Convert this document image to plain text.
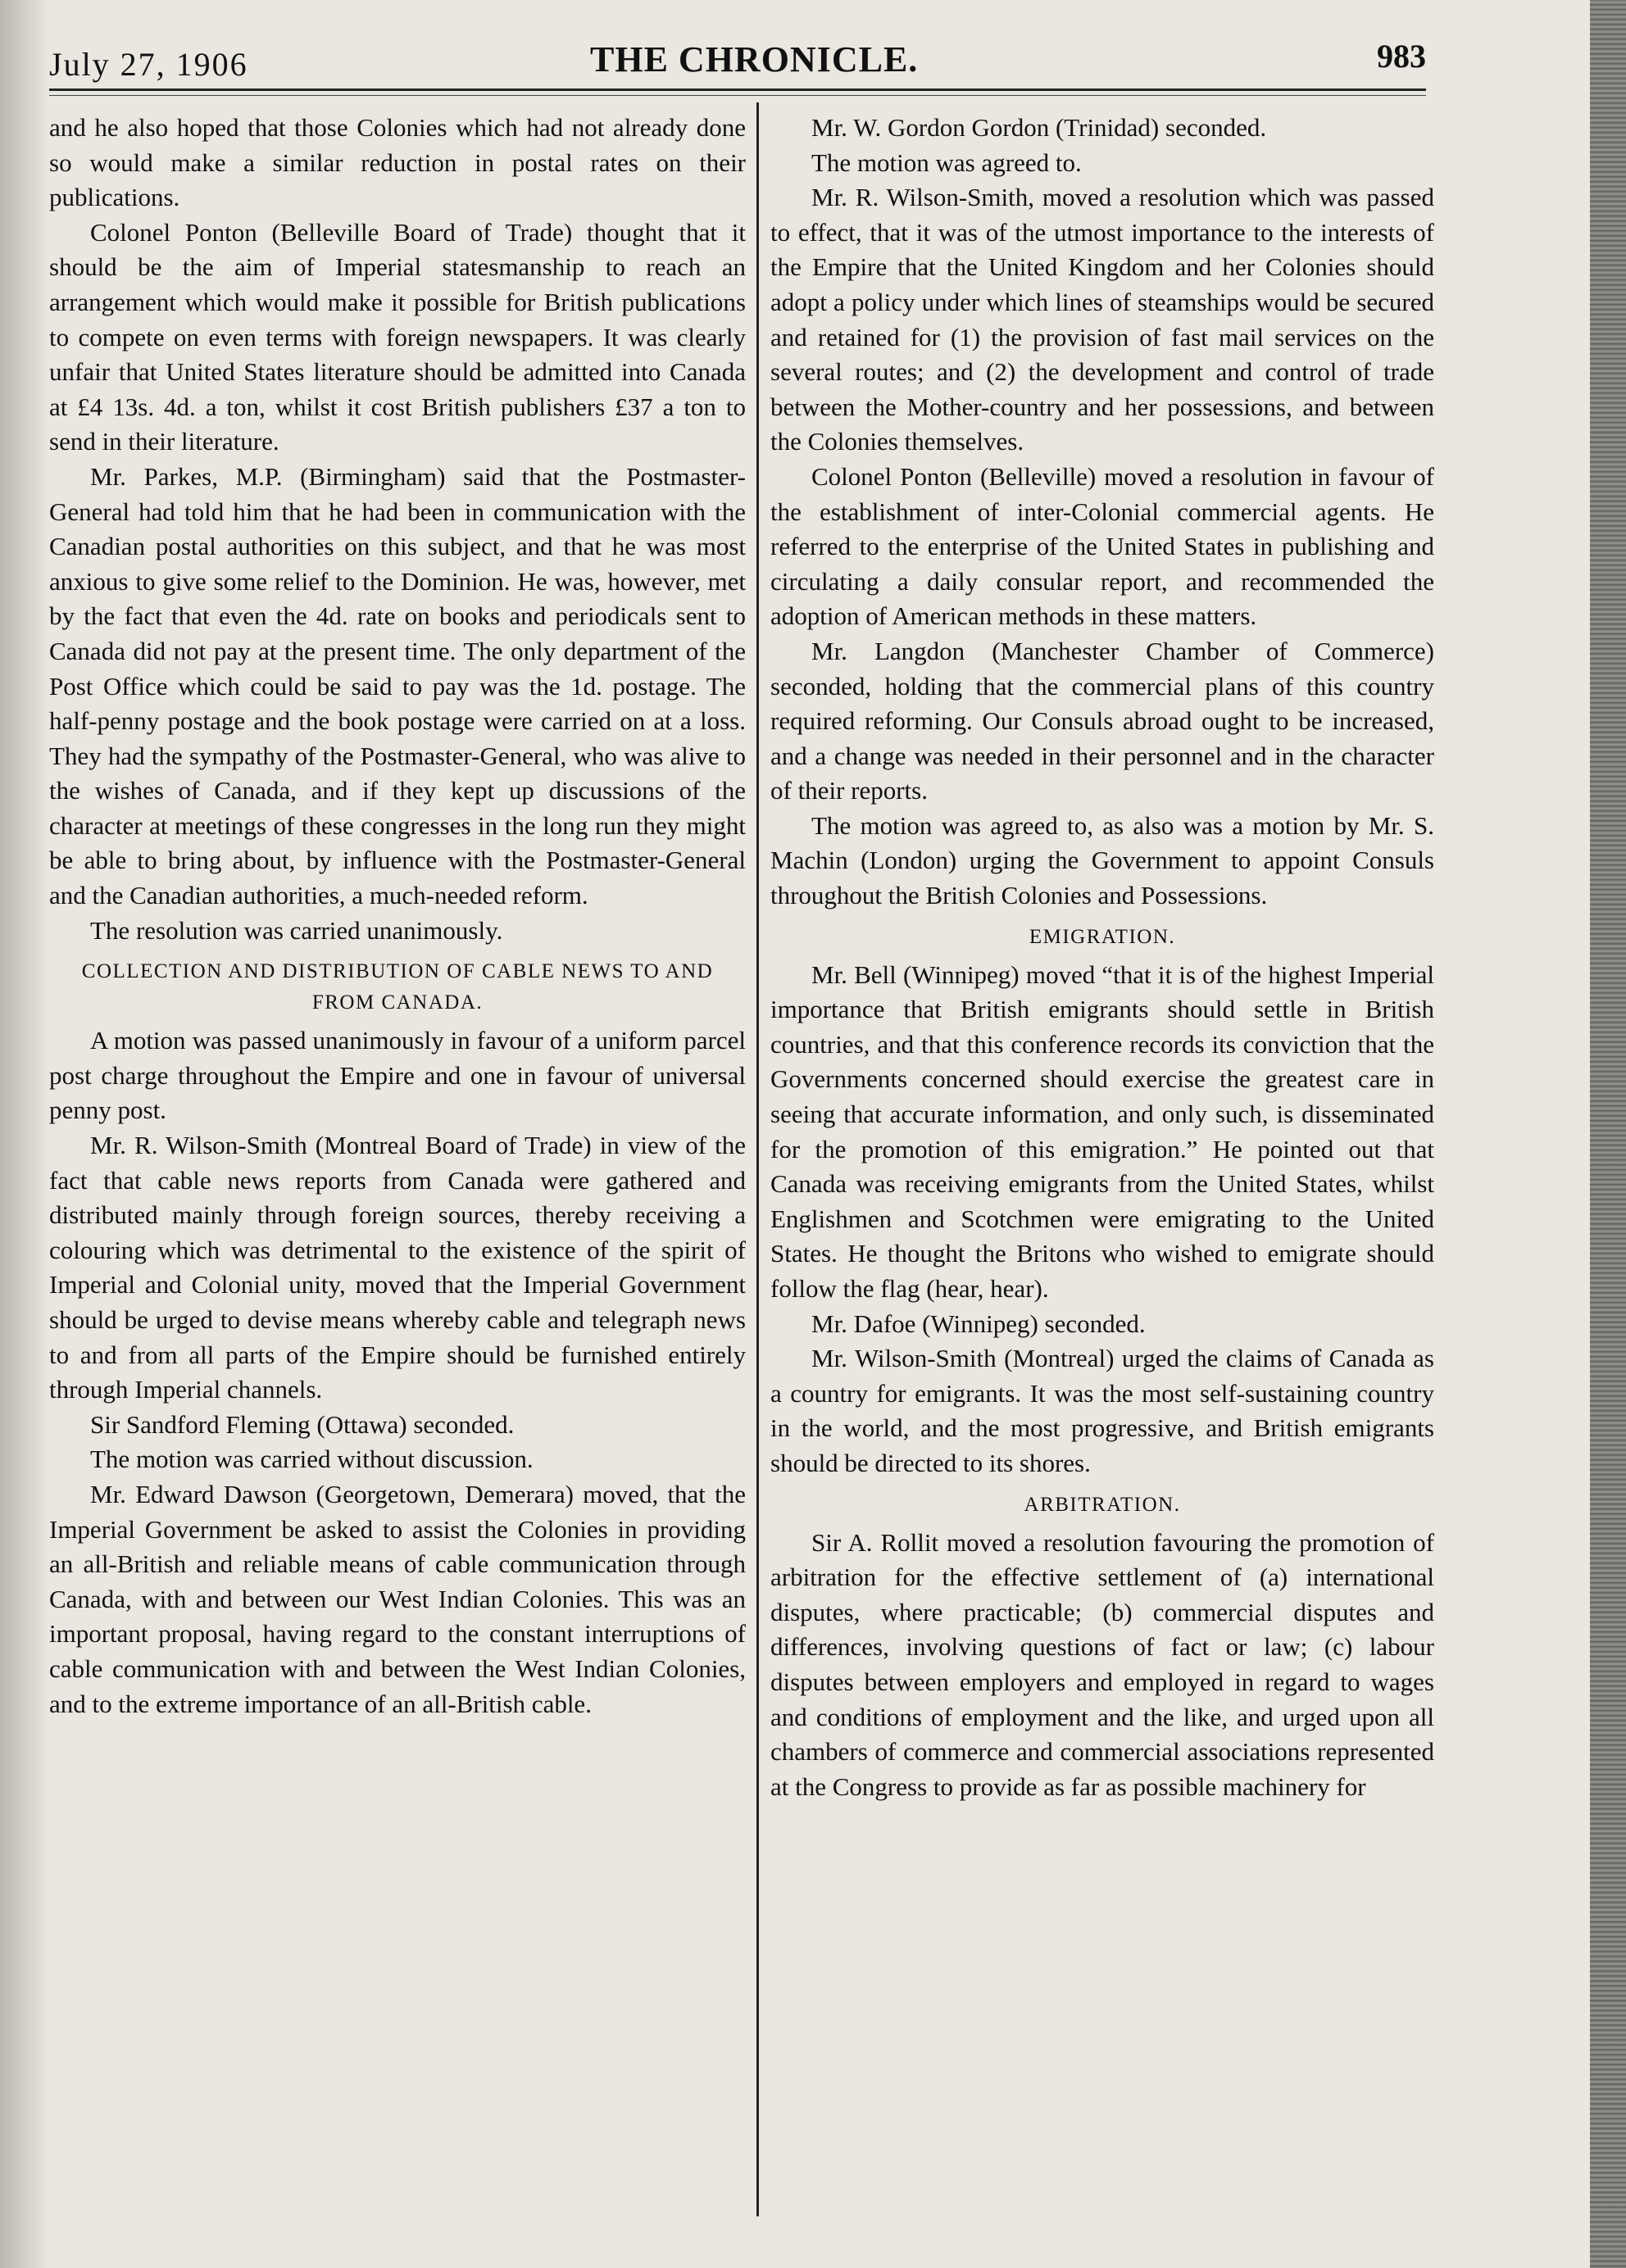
July 27, 1906	THE CHRONICLE.	983

and he also hoped that those Colonies which had not already done so would make a similar reduction in postal rates on their publications.

Colonel Ponton (Belleville Board of Trade) thought that it should be the aim of Imperial statesmanship to reach an arrangement which would make it possible for British publications to compete on even terms with foreign newspapers. It was clearly unfair that United States literature should be admitted into Canada at £4 13s. 4d. a ton, whilst it cost British publishers £37 a ton to send in their literature.

Mr. Parkes, M.P. (Birmingham) said that the Postmaster-General had told him that he had been in communication with the Canadian postal authorities on this subject, and that he was most anxious to give some relief to the Dominion. He was, however, met by the fact that even the 4d. rate on books and periodicals sent to Canada did not pay at the present time. The only department of the Post Office which could be said to pay was the 1d. postage. The half-penny postage and the book postage were carried on at a loss. They had the sympathy of the Postmaster-General, who was alive to the wishes of Canada, and if they kept up discussions of the character at meetings of these congresses in the long run they might be able to bring about, by influence with the Postmaster-General and the Canadian authorities, a much-needed reform.

The resolution was carried unanimously.

COLLECTION AND DISTRIBUTION OF CABLE NEWS TO AND FROM CANADA.

A motion was passed unanimously in favour of a uniform parcel post charge throughout the Empire and one in favour of universal penny post.

Mr. R. Wilson-Smith (Montreal Board of Trade) in view of the fact that cable news reports from Canada were gathered and distributed mainly through foreign sources, thereby receiving a colouring which was detrimental to the existence of the spirit of Imperial and Colonial unity, moved that the Imperial Government should be urged to devise means whereby cable and telegraph news to and from all parts of the Empire should be furnished entirely through Imperial channels.

Sir Sandford Fleming (Ottawa) seconded.

The motion was carried without discussion.

Mr. Edward Dawson (Georgetown, Demerara) moved, that the Imperial Government be asked to assist the Colonies in providing an all-British and reliable means of cable communication through Canada, with and between our West Indian Colonies. This was an important proposal, having regard to the constant interruptions of cable communication with and between the West Indian Colonies, and to the extreme importance of an all-British cable.

Mr. W. Gordon Gordon (Trinidad) seconded.

The motion was agreed to.

Mr. R. Wilson-Smith, moved a resolution which was passed to effect, that it was of the utmost importance to the interests of the Empire that the United Kingdom and her Colonies should adopt a policy under which lines of steamships would be secured and retained for (1) the provision of fast mail services on the several routes; and (2) the development and control of trade between the Mother-country and her possessions, and between the Colonies themselves.

Colonel Ponton (Belleville) moved a resolution in favour of the establishment of inter-Colonial commercial agents. He referred to the enterprise of the United States in publishing and circulating a daily consular report, and recommended the adoption of American methods in these matters.

Mr. Langdon (Manchester Chamber of Commerce) seconded, holding that the commercial plans of this country required reforming. Our Consuls abroad ought to be increased, and a change was needed in their personnel and in the character of their reports.

The motion was agreed to, as also was a motion by Mr. S. Machin (London) urging the Government to appoint Consuls throughout the British Colonies and Possessions.

EMIGRATION.

Mr. Bell (Winnipeg) moved “that it is of the highest Imperial importance that British emigrants should settle in British countries, and that this conference records its conviction that the Governments concerned should exercise the greatest care in seeing that accurate information, and only such, is disseminated for the promotion of this emigration.” He pointed out that Canada was receiving emigrants from the United States, whilst Englishmen and Scotchmen were emigrating to the United States. He thought the Britons who wished to emigrate should follow the flag (hear, hear).

Mr. Dafoe (Winnipeg) seconded.

Mr. Wilson-Smith (Montreal) urged the claims of Canada as a country for emigrants. It was the most self-sustaining country in the world, and the most progressive, and British emigrants should be directed to its shores.

ARBITRATION.

Sir A. Rollit moved a resolution favouring the promotion of arbitration for the effective settlement of (a) international disputes, where practicable; (b) commercial disputes and differences, involving questions of fact or law; (c) labour disputes between employers and employed in regard to wages and conditions of employment and the like, and urged upon all chambers of commerce and commercial associations represented at the Congress to provide as far as possible machinery for
